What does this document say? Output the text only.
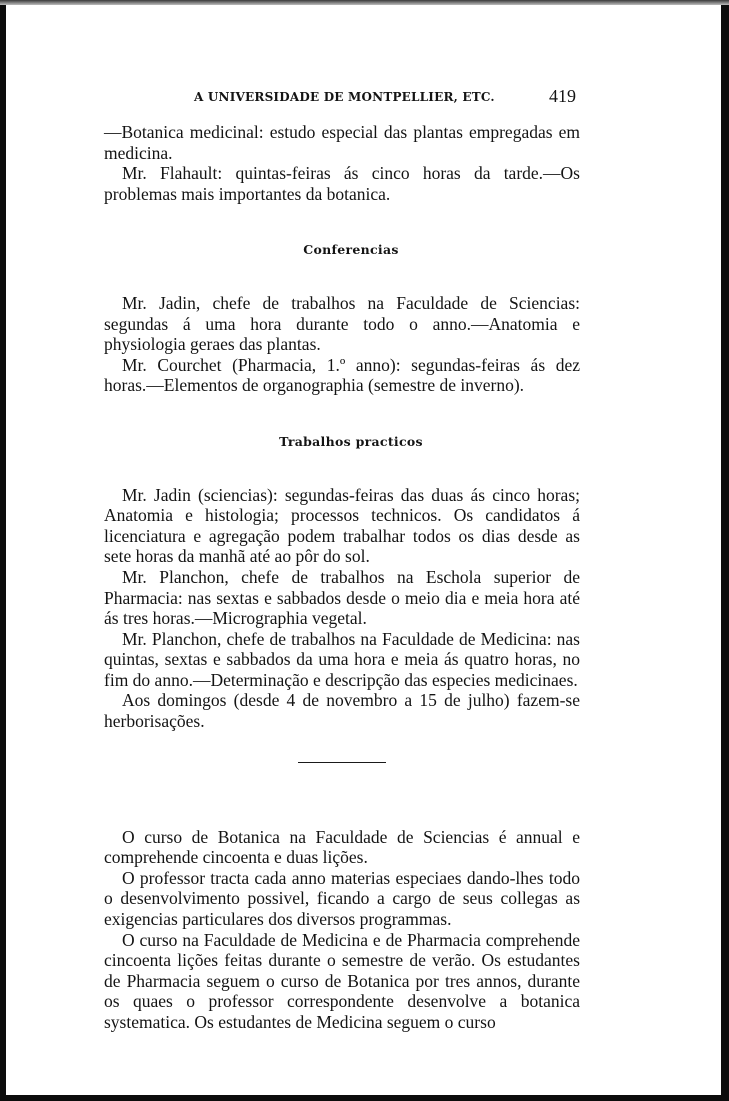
A UNIVERSIDADE DE MONTPELLIER, ETC.	419

—Botanica medicinal: estudo especial das plantas empregadas em medicina.

Mr. Flahault: quintas-feiras ás cinco horas da tarde.—Os problemas mais importantes da botanica.

Conferencias

Mr. Jadin, chefe de trabalhos na Faculdade de Sciencias: segundas á uma hora durante todo o anno.—Anatomia e physiologia geraes das plantas.

Mr. Courchet (Pharmacia, 1.º anno): segundas-feiras ás dez horas.—Elementos de organographia (semestre de inverno).

Trabalhos practicos

Mr. Jadin (sciencias): segundas-feiras das duas ás cinco horas; Anatomia e histologia; processos technicos. Os candidatos á licenciatura e agregação podem trabalhar todos os dias desde as sete horas da manhã até ao pôr do sol.

Mr. Planchon, chefe de trabalhos na Eschola superior de Pharmacia: nas sextas e sabbados desde o meio dia e meia hora até ás tres horas.—Micrographia vegetal.

Mr. Planchon, chefe de trabalhos na Faculdade de Medicina: nas quintas, sextas e sabbados da uma hora e meia ás quatro horas, no fim do anno.—Determinação e descripção das especies medicinaes.

Aos domingos (desde 4 de novembro a 15 de julho) fazem-se herborisações.

O curso de Botanica na Faculdade de Sciencias é annual e comprehende cincoenta e duas lições.

O professor tracta cada anno materias especiaes dando-lhes todo o desenvolvimento possivel, ficando a cargo de seus collegas as exigencias particulares dos diversos programmas.

O curso na Faculdade de Medicina e de Pharmacia comprehende cincoenta lições feitas durante o semestre de verão. Os estudantes de Pharmacia seguem o curso de Botanica por tres annos, durante os quaes o professor correspondente desenvolve a botanica systematica. Os estudantes de Medicina seguem o curso
